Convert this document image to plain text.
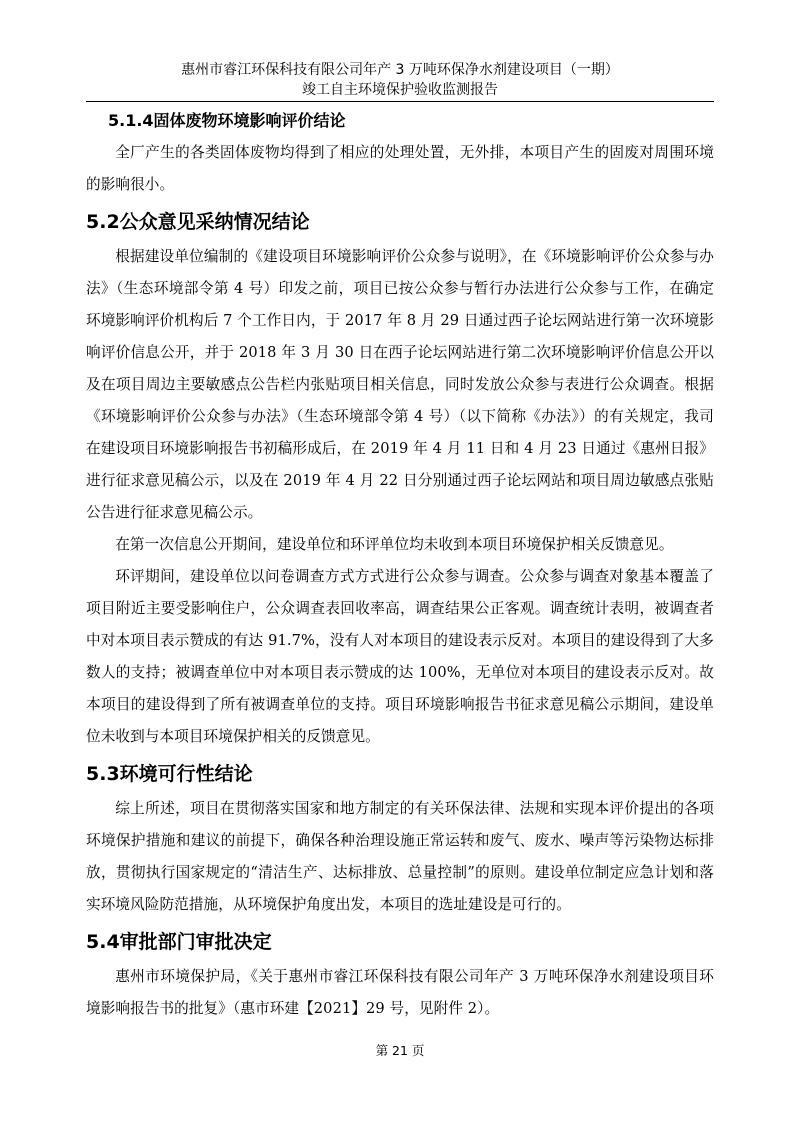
惠州市睿江环保科技有限公司年产 3 万吨环保净水剂建设项目（一期）
竣工自主环境保护验收监测报告
5.1.4固体废物环境影响评价结论

全厂产生的各类固体废物均得到了相应的处理处置，无外排，本项目产生的固废对周围环境的影响很小。

5.2公众意见采纳情况结论

根据建设单位编制的《建设项目环境影响评价公众参与说明》，在《环境影响评价公众参与办法》（生态环境部令第 4 号）印发之前，项目已按公众参与暂行办法进行公众参与工作，在确定环境影响评价机构后 7 个工作日内，于 2017 年 8 月 29 日通过西子论坛网站进行第一次环境影响评价信息公开，并于 2018 年 3 月 30 日在西子论坛网站进行第二次环境影响评价信息公开以及在项目周边主要敏感点公告栏内张贴项目相关信息，同时发放公众参与表进行公众调查。根据《环境影响评价公众参与办法》（生态环境部令第 4 号）（以下简称《办法》）的有关规定，我司在建设项目环境影响报告书初稿形成后，在 2019 年 4 月 11 日和 4 月 23 日通过《惠州日报》进行征求意见稿公示，以及在 2019 年 4 月 22 日分别通过西子论坛网站和项目周边敏感点张贴公告进行征求意见稿公示。

在第一次信息公开期间，建设单位和环评单位均未收到本项目环境保护相关反馈意见。

环评期间，建设单位以问卷调查方式方式进行公众参与调查。公众参与调查对象基本覆盖了项目附近主要受影响住户，公众调查表回收率高，调查结果公正客观。调查统计表明，被调查者中对本项目表示赞成的有达 91.7%，没有人对本项目的建设表示反对。本项目的建设得到了大多数人的支持；被调查单位中对本项目表示赞成的达 100%，无单位对本项目的建设表示反对。故本项目的建设得到了所有被调查单位的支持。项目环境影响报告书征求意见稿公示期间，建设单位未收到与本项目环境保护相关的反馈意见。

5.3环境可行性结论

综上所述，项目在贯彻落实国家和地方制定的有关环保法律、法规和实现本评价提出的各项环境保护措施和建议的前提下，确保各种治理设施正常运转和废气、废水、噪声等污染物达标排放，贯彻执行国家规定的“清洁生产、达标排放、总量控制”的原则。建设单位制定应急计划和落实环境风险防范措施，从环境保护角度出发，本项目的选址建设是可行的。

5.4审批部门审批决定

惠州市环境保护局，《关于惠州市睿江环保科技有限公司年产 3 万吨环保净水剂建设项目环境影响报告书的批复》（惠市环建【2021】29 号，见附件 2）。

第 21 页
